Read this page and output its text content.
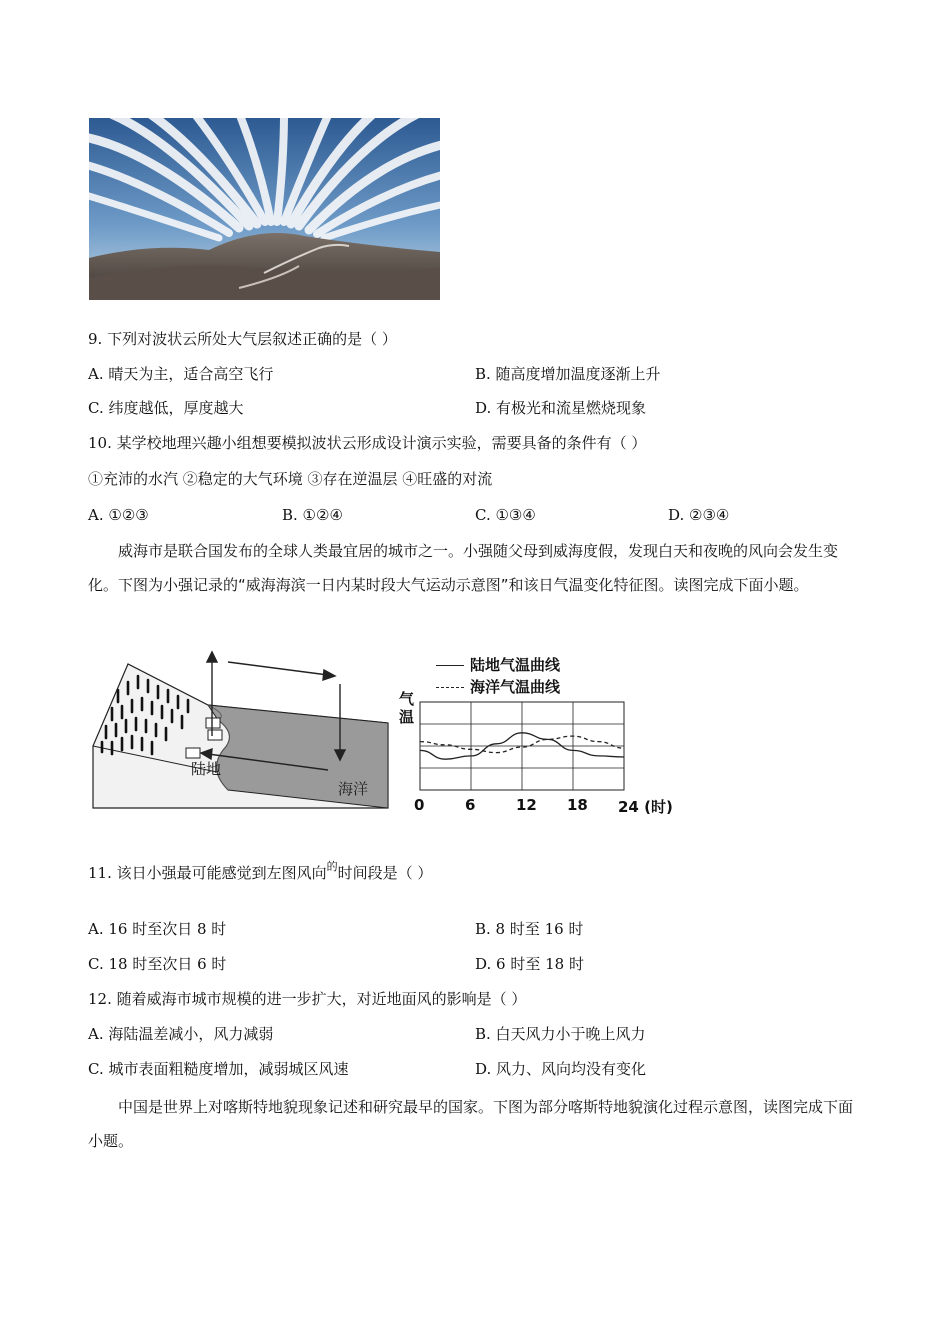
9. 下列对波状云所处大气层叙述正确的是（ ）
A. 晴天为主，适合高空飞行	B. 随高度增加温度逐渐上升
C. 纬度越低，厚度越大	D. 有极光和流星燃烧现象
10. 某学校地理兴趣小组想要模拟波状云形成设计演示实验，需要具备的条件有（ ）
①充沛的水汽 ②稳定的大气环境 ③存在逆温层 ④旺盛的对流
A. ①②③	B. ①②④	C. ①③④	D. ②③④
威海市是联合国发布的全球人类最宜居的城市之一。小强随父母到威海度假，发现白天和夜晚的风向会发生变化。下图为小强记录的“威海海滨一日内某时段大气运动示意图”和该日气温变化特征图。读图完成下面小题。
陆地
海洋
陆地气温曲线
海洋气温曲线
气
温
0	6	12 18 24 (时)
11. 该日小强最可能感觉到左图风向$^的$时间段是（ ）
A. 16 时至次日 8 时	B. 8 时至 16 时
C. 18 时至次日 6 时	D. 6 时至 18 时
12. 随着威海市城市规模的进一步扩大，对近地面风的影响是（ ）
A. 海陆温差减小，风力减弱	B. 白天风力小于晚上风力
C. 城市表面粗糙度增加，减弱城区风速	D. 风力、风向均没有变化
中国是世界上对喀斯特地貌现象记述和研究最早的国家。下图为部分喀斯特地貌演化过程示意图，读图完成下面小题。
